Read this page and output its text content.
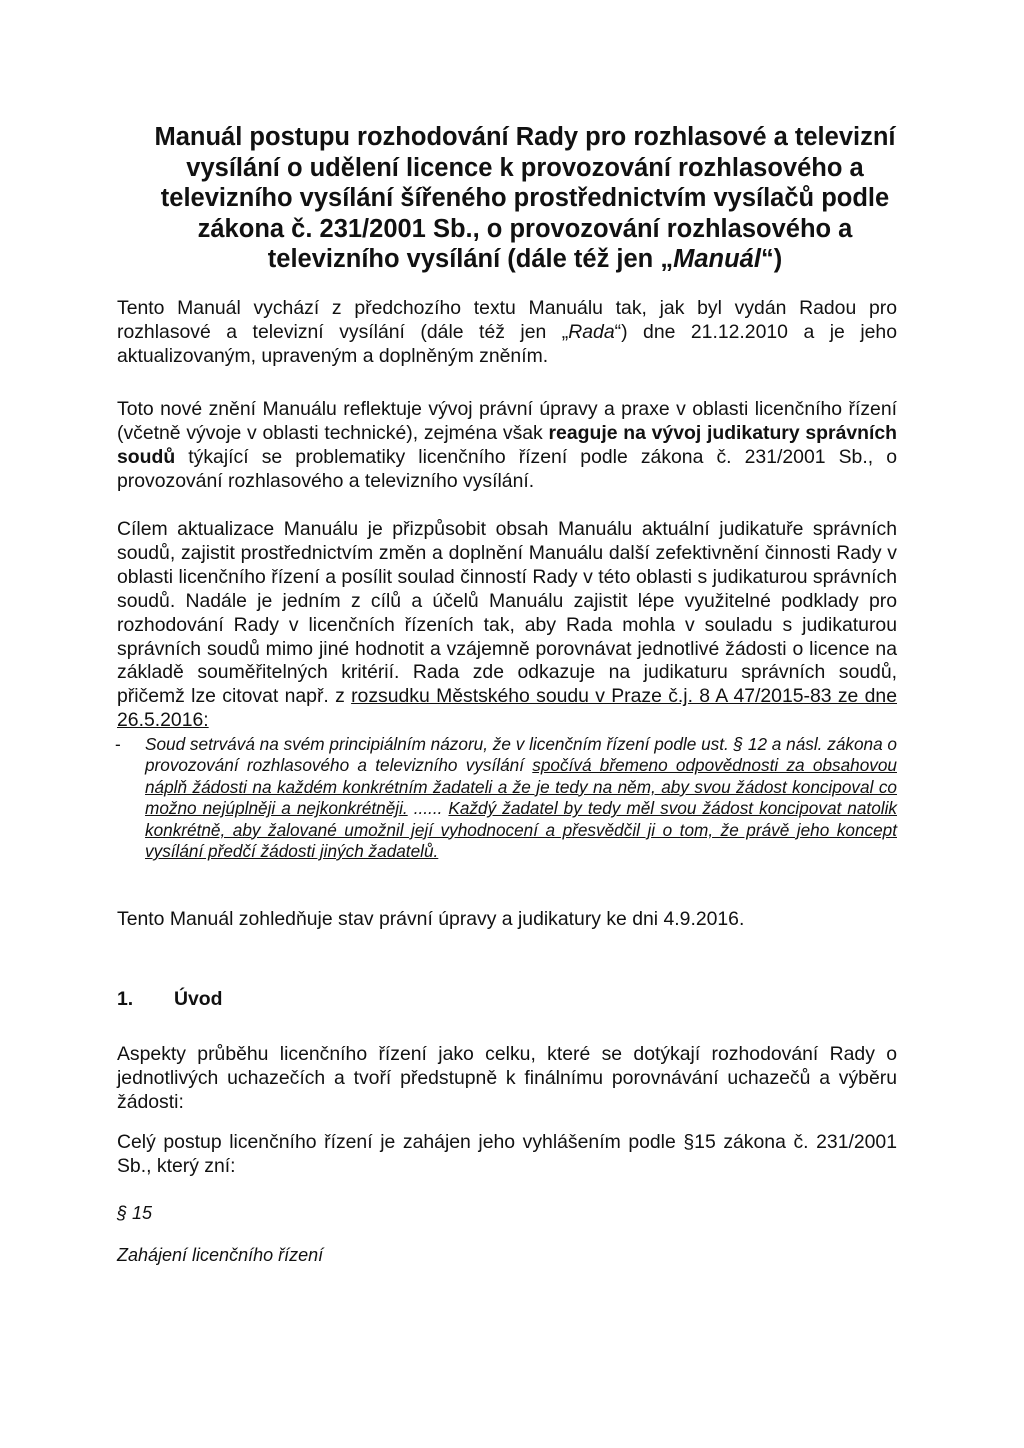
Manuál postupu rozhodování Rady pro rozhlasové a televizní vysílání o udělení licence k provozování rozhlasového a televizního vysílání šířeného prostřednictvím vysílačů podle zákona č. 231/2001 Sb., o provozování rozhlasového a televizního vysílání (dále též jen „Manuál“)
Tento Manuál vychází z předchozího textu Manuálu tak, jak byl vydán Radou pro rozhlasové a televizní vysílání (dále též jen „Rada“) dne 21.12.2010 a je jeho aktualizovaným, upraveným a doplněným zněním.
Toto nové znění Manuálu reflektuje vývoj právní úpravy a praxe v oblasti licenčního řízení (včetně vývoje v oblasti technické), zejména však reaguje na vývoj judikatury správních soudů týkající se problematiky licenčního řízení podle zákona č. 231/2001 Sb., o provozování rozhlasového a televizního vysílání.
Cílem aktualizace Manuálu je přizpůsobit obsah Manuálu aktuální judikatuře správních soudů, zajistit prostřednictvím změn a doplnění Manuálu další zefektivnění činnosti Rady v oblasti licenčního řízení a posílit soulad činností Rady v této oblasti s judikaturou správních soudů. Nadále je jedním z cílů a účelů Manuálu zajistit lépe využitelné podklady pro rozhodování Rady v licenčních řízeních tak, aby Rada mohla v souladu s judikaturou správních soudů mimo jiné hodnotit a vzájemně porovnávat jednotlivé žádosti o licence na základě souměřitelných kritérií. Rada zde odkazuje na judikaturu správních soudů, přičemž lze citovat např. z rozsudku Městského soudu v Praze č.j. 8 A 47/2015-83 ze dne 26.5.2016:
- Soud setrvává na svém principiálním názoru, že v licenčním řízení podle ust. § 12 a násl. zákona o provozování rozhlasového a televizního vysílání spočívá břemeno odpovědnosti za obsahovou náplň žádosti na každém konkrétním žadateli a že je tedy na něm, aby svou žádost koncipoval co možno nejúplněji a nejkonkrétněji. ...... Každý žadatel by tedy měl svou žádost koncipovat natolik konkrétně, aby žalované umožnil její vyhodnocení a přesvědčil ji o tom, že právě jeho koncept vysílání předčí žádosti jiných žadatelů.
Tento Manuál zohledňuje stav právní úpravy a judikatury ke dni 4.9.2016.
1. Úvod
Aspekty průběhu licenčního řízení jako celku, které se dotýkají rozhodování Rady o jednotlivých uchazečích a tvoří předstupně k finálnímu porovnávání uchazečů a výběru žádosti:
Celý postup licenčního řízení je zahájen jeho vyhlášením podle §15 zákona č. 231/2001 Sb., který zní:
§ 15
Zahájení licenčního řízení
